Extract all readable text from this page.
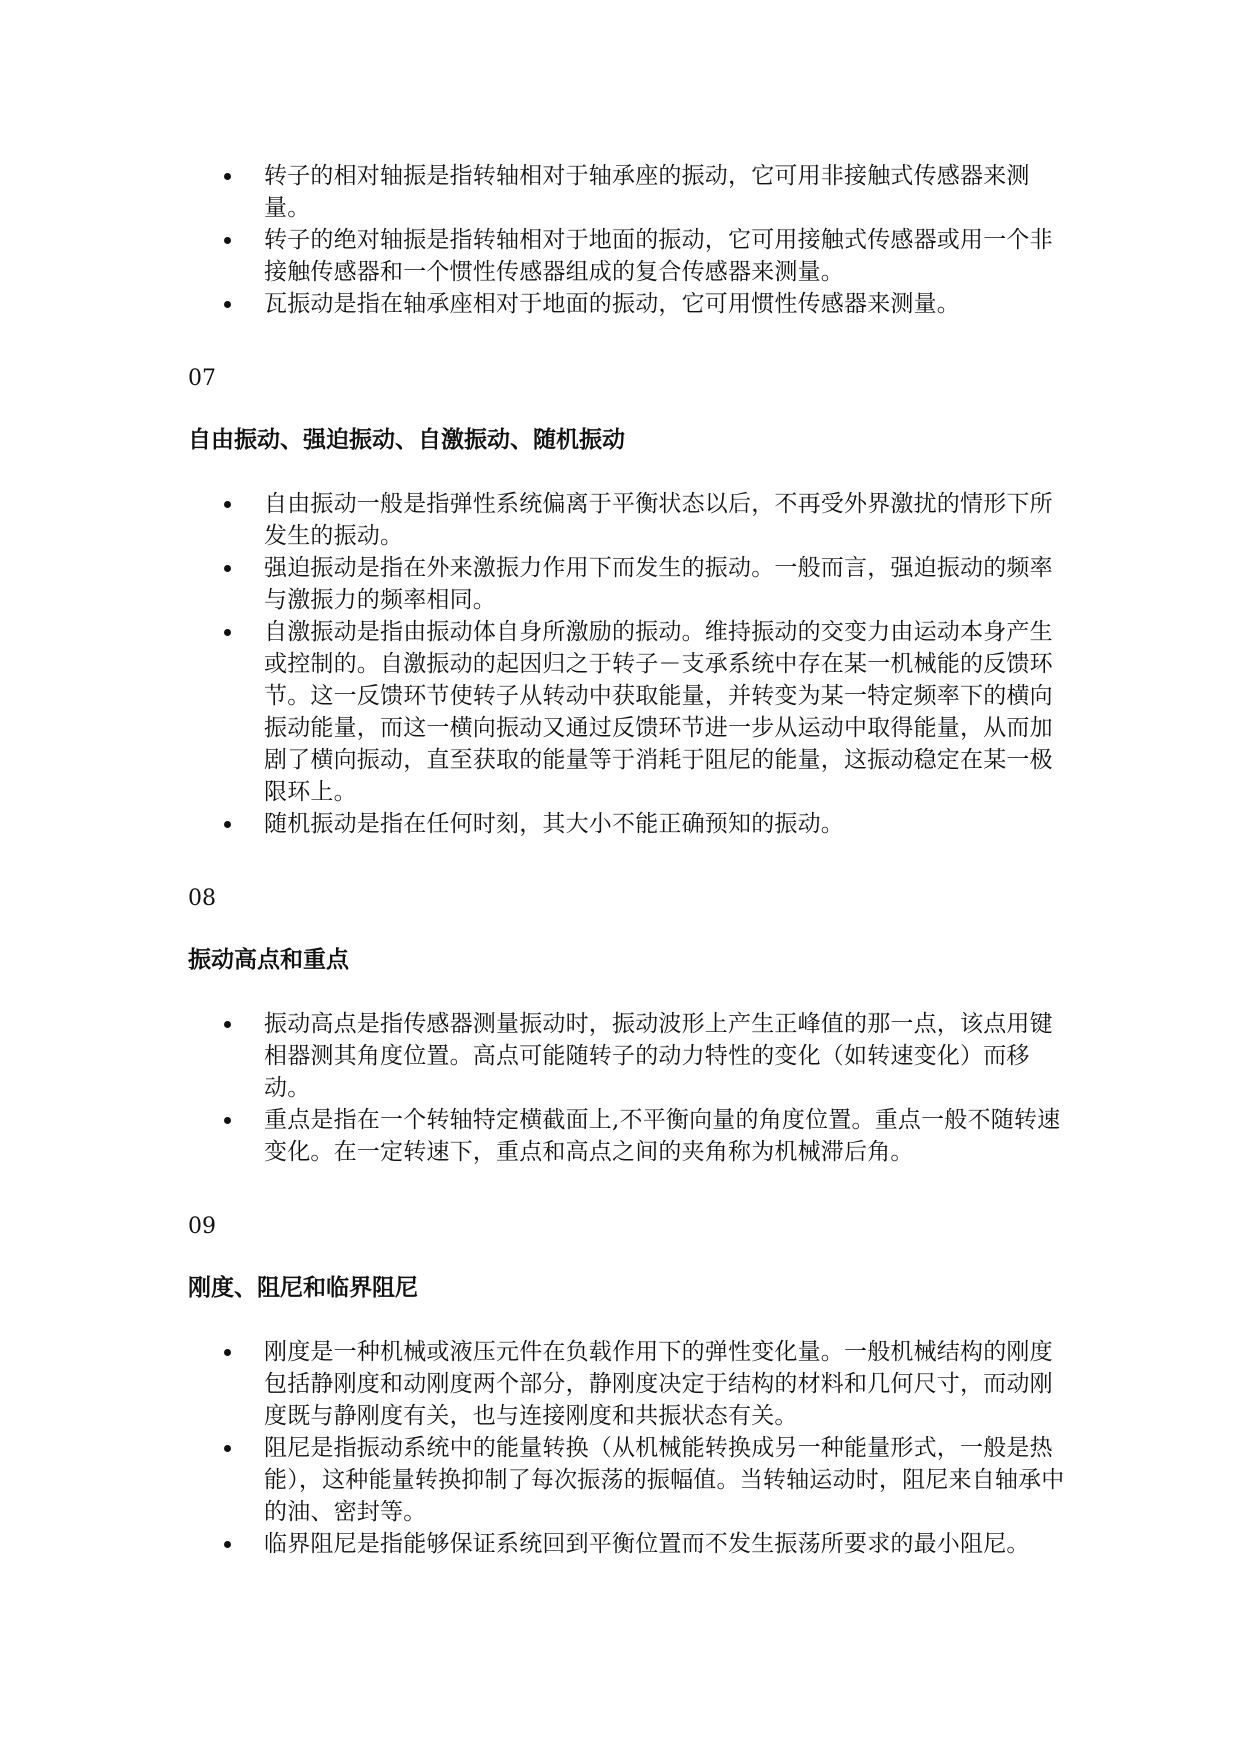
转子的相对轴振是指转轴相对于轴承座的振动，它可用非接触式传感器来测量。
转子的绝对轴振是指转轴相对于地面的振动，它可用接触式传感器或用一个非接触传感器和一个惯性传感器组成的复合传感器来测量。
瓦振动是指在轴承座相对于地面的振动，它可用惯性传感器来测量。
07
自由振动、强迫振动、自激振动、随机振动
自由振动一般是指弹性系统偏离于平衡状态以后，不再受外界激扰的情形下所发生的振动。
强迫振动是指在外来激振力作用下而发生的振动。一般而言，强迫振动的频率与激振力的频率相同。
自激振动是指由振动体自身所激励的振动。维持振动的交变力由运动本身产生或控制的。自激振动的起因归之于转子－支承系统中存在某一机械能的反馈环节。这一反馈环节使转子从转动中获取能量，并转变为某一特定频率下的横向振动能量，而这一横向振动又通过反馈环节进一步从运动中取得能量，从而加剧了横向振动，直至获取的能量等于消耗于阻尼的能量，这振动稳定在某一极限环上。
随机振动是指在任何时刻，其大小不能正确预知的振动。
08
振动高点和重点
振动高点是指传感器测量振动时，振动波形上产生正峰值的那一点，该点用键相器测其角度位置。高点可能随转子的动力特性的变化（如转速变化）而移动。
重点是指在一个转轴特定横截面上,不平衡向量的角度位置。重点一般不随转速变化。在一定转速下，重点和高点之间的夹角称为机械滞后角。
09
刚度、阻尼和临界阻尼
刚度是一种机械或液压元件在负载作用下的弹性变化量。一般机械结构的刚度包括静刚度和动刚度两个部分，静刚度决定于结构的材料和几何尺寸，而动刚度既与静刚度有关，也与连接刚度和共振状态有关。
阻尼是指振动系统中的能量转换（从机械能转换成另一种能量形式，一般是热能），这种能量转换抑制了每次振荡的振幅值。当转轴运动时，阻尼来自轴承中的油、密封等。
临界阻尼是指能够保证系统回到平衡位置而不发生振荡所要求的最小阻尼。
